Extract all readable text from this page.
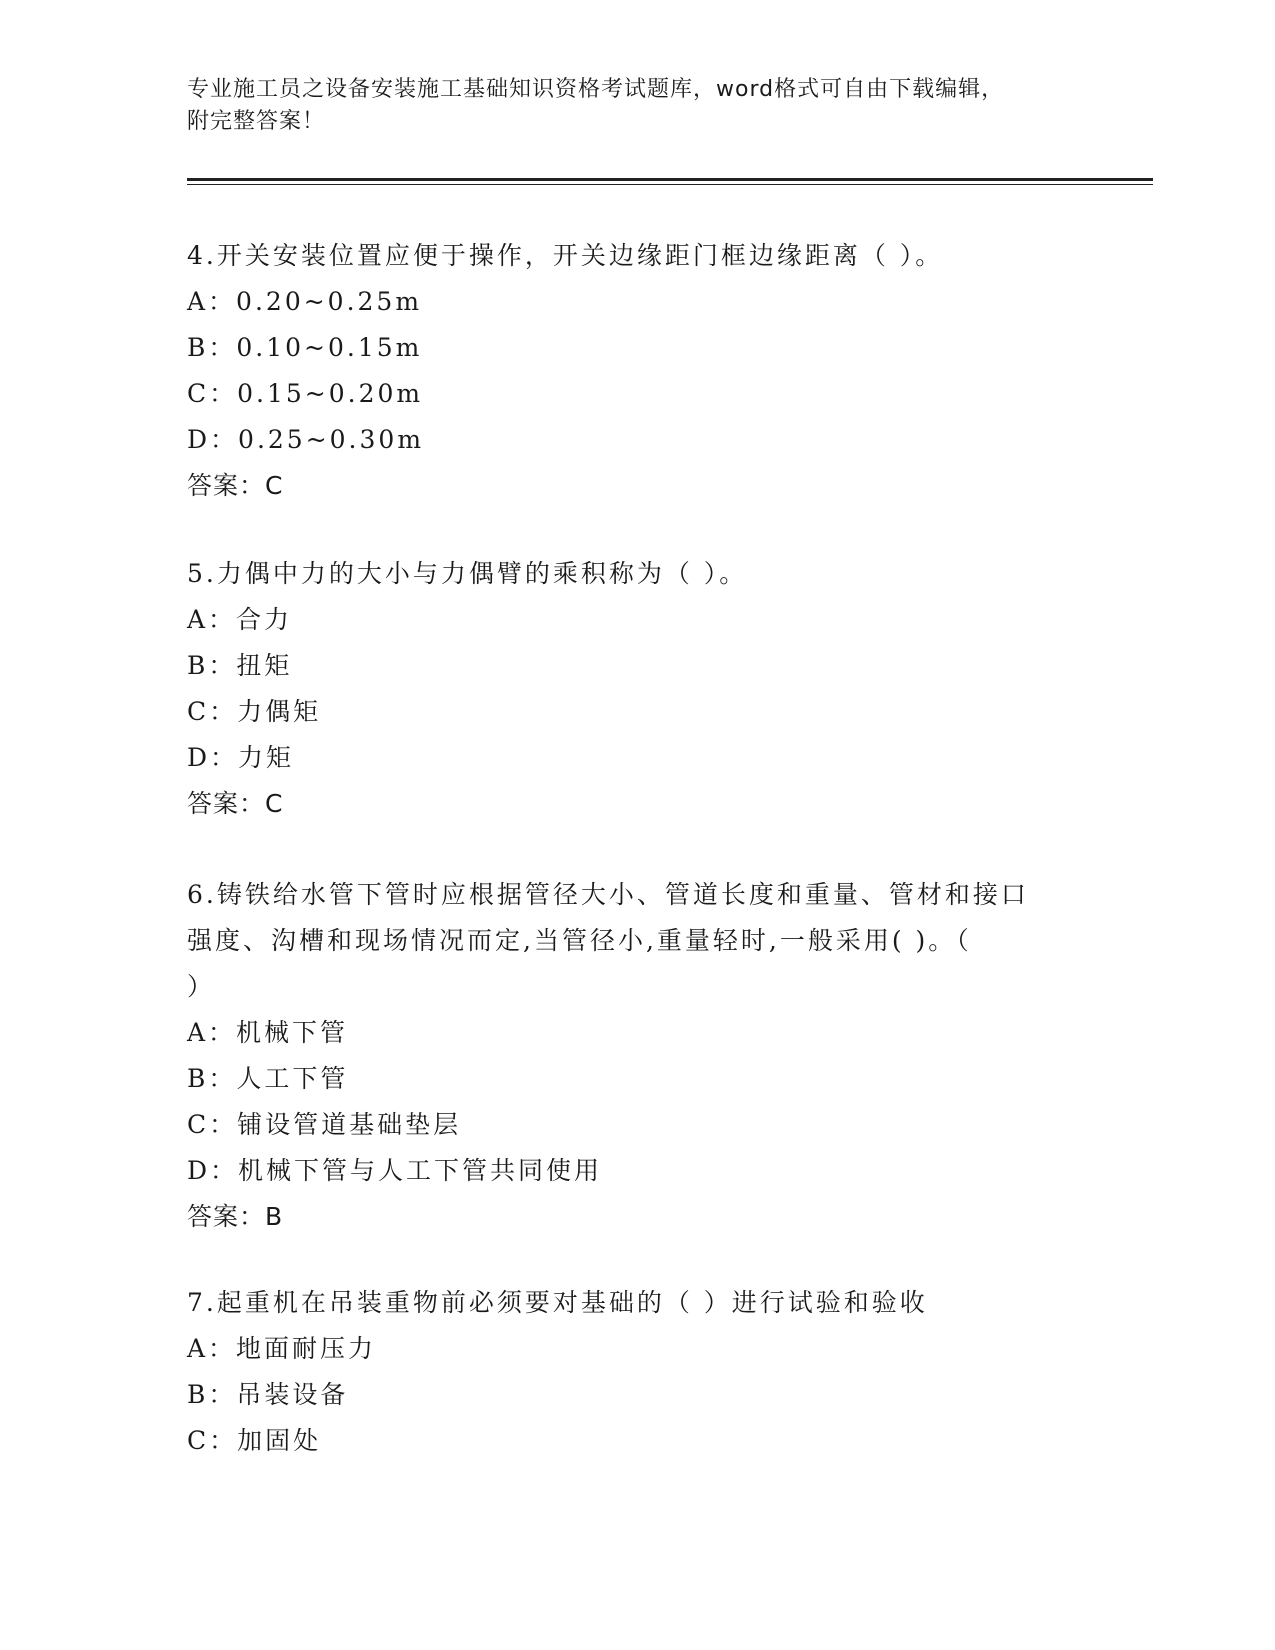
专业施工员之设备安装施工基础知识资格考试题库，word格式可自由下载编辑，
附完整答案！
4.开关安装位置应便于操作，开关边缘距门框边缘距离（ ）。
A：0.20~0.25m
B：0.10~0.15m
C：0.15~0.20m
D：0.25~0.30m
答案：C
5.力偶中力的大小与力偶臂的乘积称为（ ）。
A：合力
B：扭矩
C：力偶矩
D：力矩
答案：C
6.铸铁给水管下管时应根据管径大小、管道长度和重量、管材和接口
强度、沟槽和现场情况而定,当管径小,重量轻时,一般采用( )。（
）
A：机械下管
B：人工下管
C：铺设管道基础垫层
D：机械下管与人工下管共同使用
答案：B
7.起重机在吊装重物前必须要对基础的（ ）进行试验和验收
A：地面耐压力
B：吊装设备
C：加固处
